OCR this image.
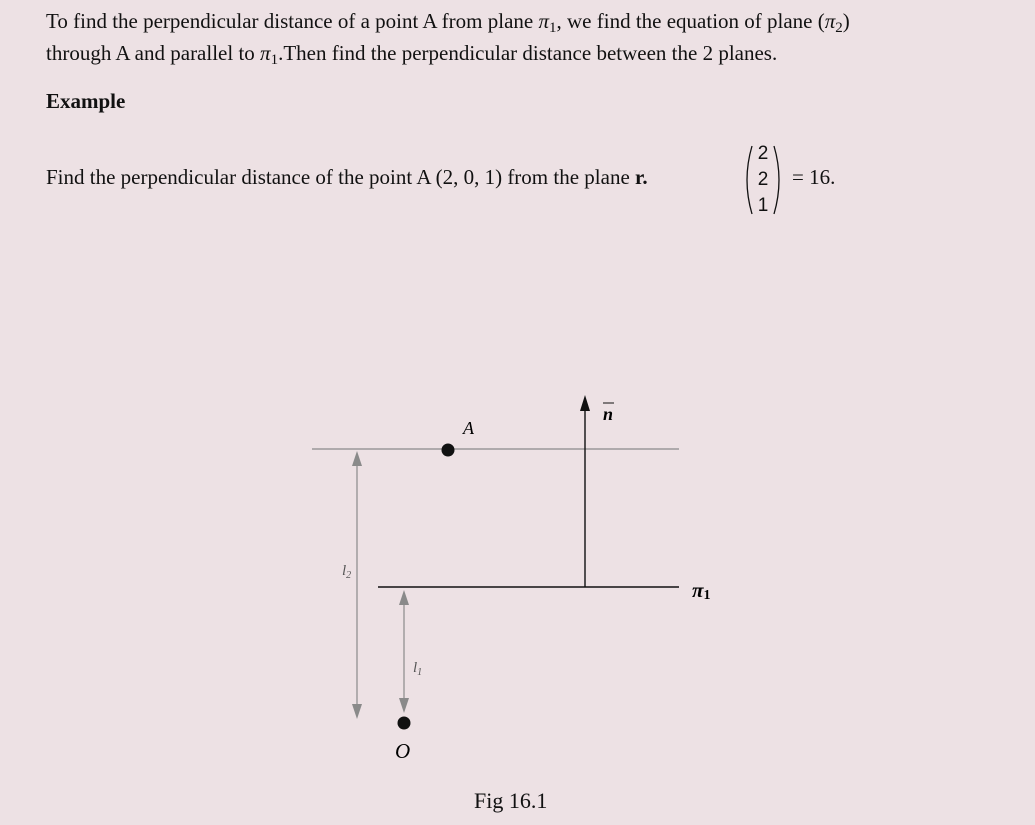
To find the perpendicular distance of a point A from plane $\pi_1$, we find the equation of plane $(\pi_2)$
through A and parallel to $\pi_1.Then$ find the perpendicular distance between the 2 planes.
Example
Find the perpendicular distance of the point A (2, 0, 1) from the plane r.
2
2
1
= 16.
A
n
π1
$l_2$
$l_1$
O
Fig 16.1
